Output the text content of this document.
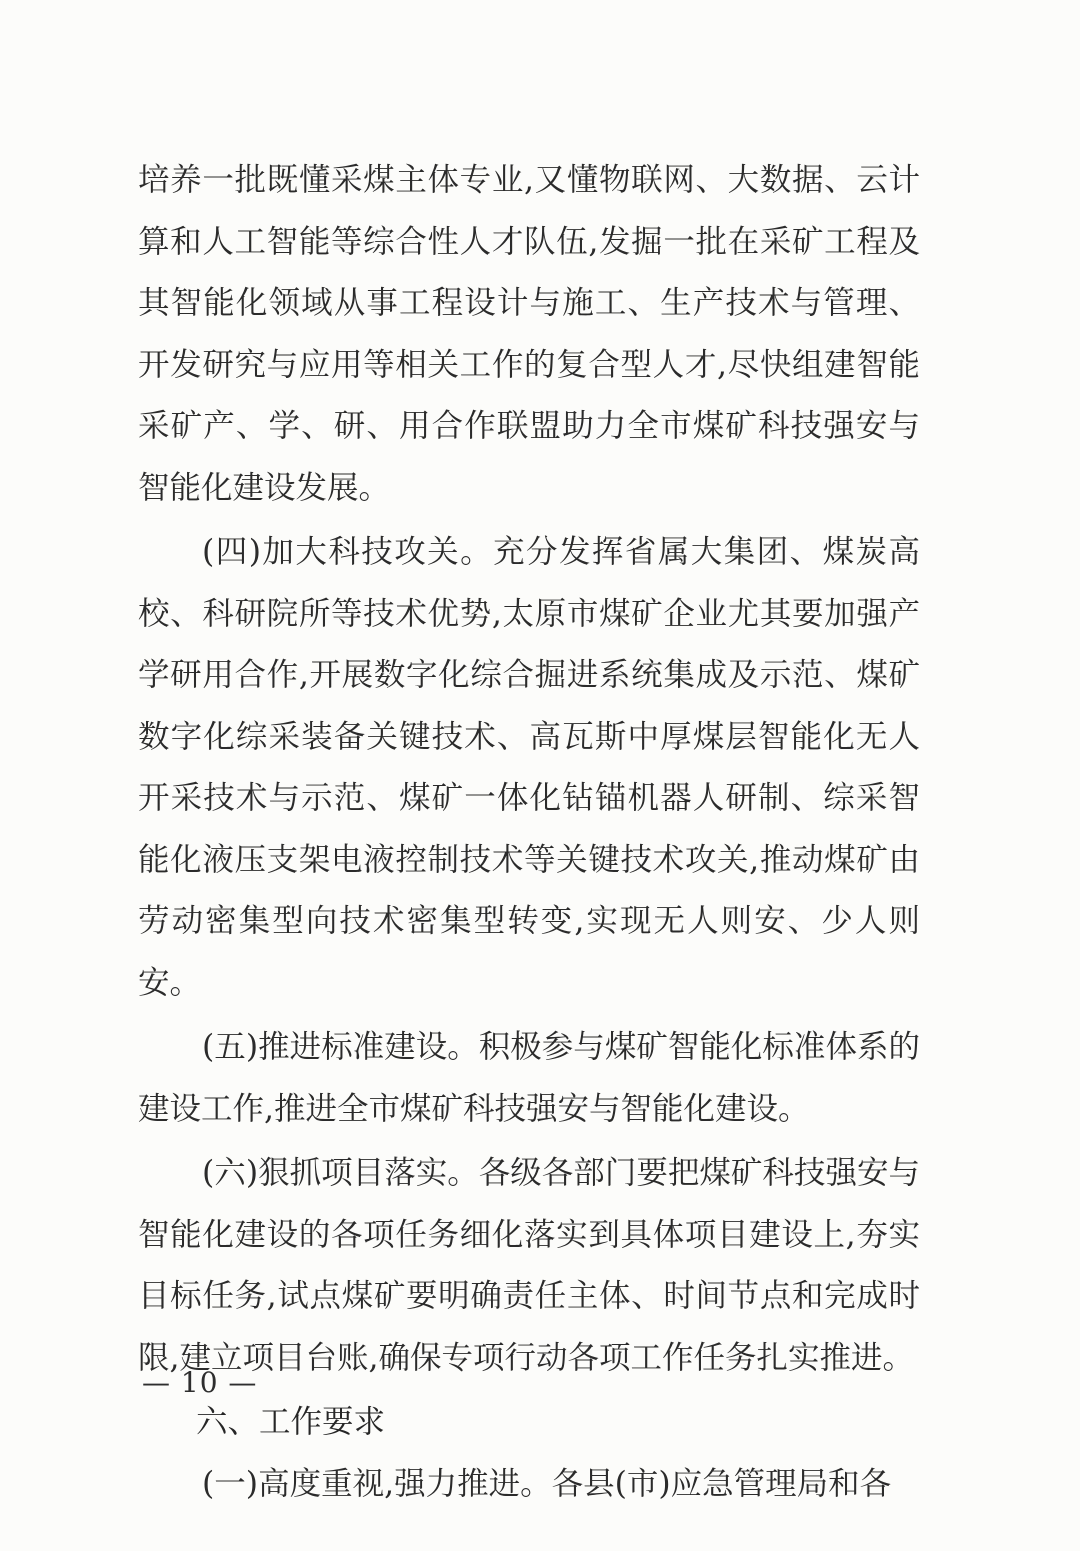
培养一批既懂采煤主体专业,又懂物联网、大数据、云计算和人工智能等综合性人才队伍,发掘一批在采矿工程及其智能化领域从事工程设计与施工、生产技术与管理、开发研究与应用等相关工作的复合型人才,尽快组建智能采矿产、学、研、用合作联盟助力全市煤矿科技强安与智能化建设发展。

(四)加大科技攻关。充分发挥省属大集团、煤炭高校、科研院所等技术优势,太原市煤矿企业尤其要加强产学研用合作,开展数字化综合掘进系统集成及示范、煤矿数字化综采装备关键技术、高瓦斯中厚煤层智能化无人开采技术与示范、煤矿一体化钻锚机器人研制、综采智能化液压支架电液控制技术等关键技术攻关,推动煤矿由劳动密集型向技术密集型转变,实现无人则安、少人则安。

(五)推进标准建设。积极参与煤矿智能化标准体系的建设工作,推进全市煤矿科技强安与智能化建设。

(六)狠抓项目落实。各级各部门要把煤矿科技强安与智能化建设的各项任务细化落实到具体项目建设上,夯实目标任务,试点煤矿要明确责任主体、时间节点和完成时限,建立项目台账,确保专项行动各项工作任务扎实推进。

六、工作要求

(一)高度重视,强力推进。各县(市)应急管理局和各

— 10 —
